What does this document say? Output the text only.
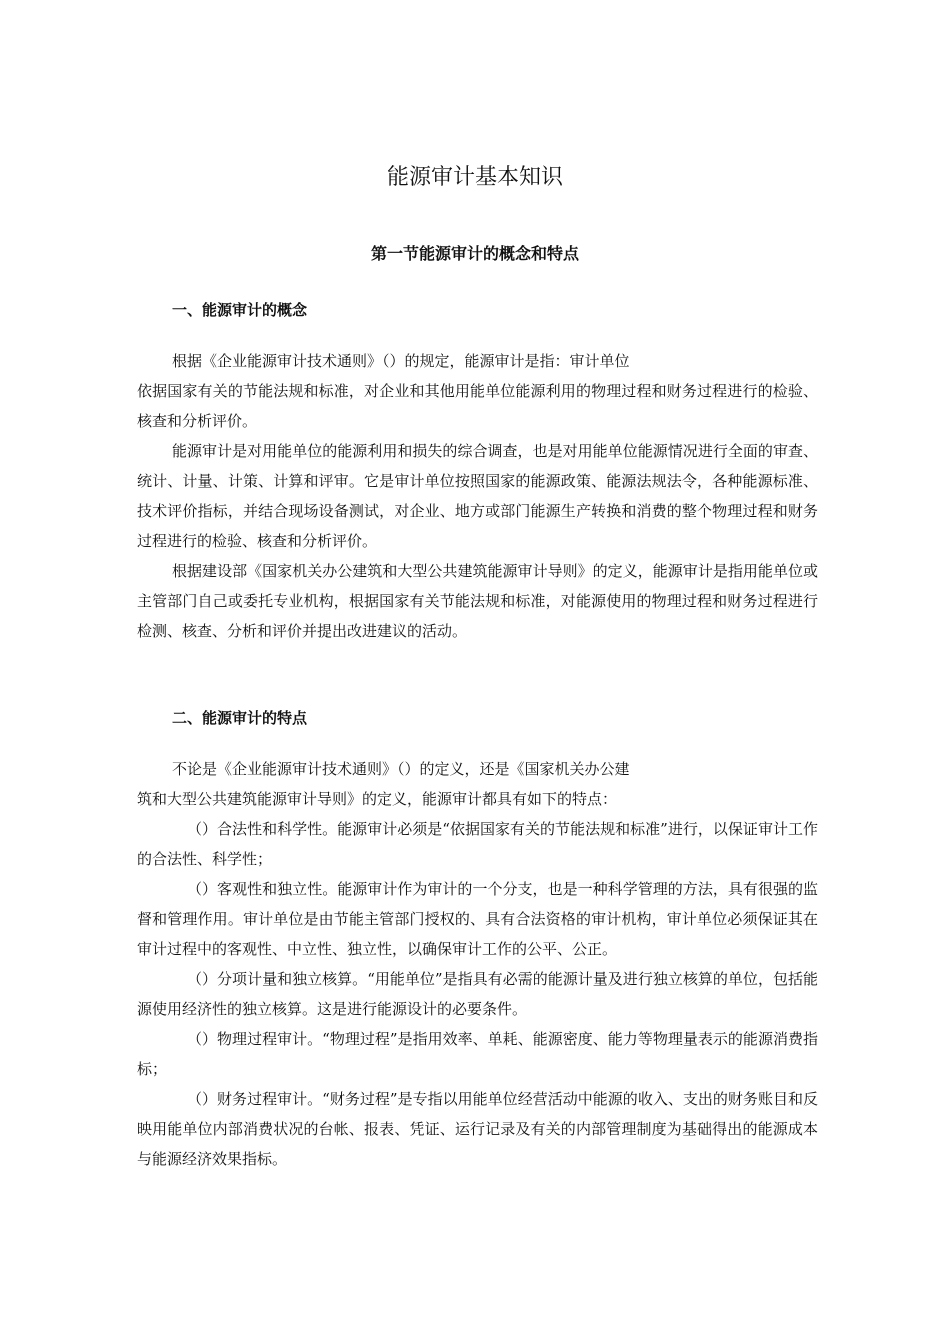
能源审计基本知识
第一节能源审计的概念和特点
一、能源审计的概念

根据《企业能源审计技术通则》（）的规定，能源审计是指：审计单位

依据国家有关的节能法规和标准，对企业和其他用能单位能源利用的物理过程和财务过程进行的检验、核查和分析评价。

能源审计是对用能单位的能源利用和损失的综合调查，也是对用能单位能源情况进行全面的审查、统计、计量、计策、计算和评审。它是审计单位按照国家的能源政策、能源法规法令，各种能源标准、技术评价指标，并结合现场设备测试，对企业、地方或部门能源生产转换和消费的整个物理过程和财务过程进行的检验、核查和分析评价。

根据建设部《国家机关办公建筑和大型公共建筑能源审计导则》的定义，能源审计是指用能单位或主管部门自己或委托专业机构，根据国家有关节能法规和标准，对能源使用的物理过程和财务过程进行检测、核查、分析和评价并提出改进建议的活动。

二、能源审计的特点

不论是《企业能源审计技术通则》（）的定义，还是《国家机关办公建

筑和大型公共建筑能源审计导则》的定义，能源审计都具有如下的特点：

（）合法性和科学性。能源审计必须是“依据国家有关的节能法规和标准”进行，以保证审计工作的合法性、科学性；

（）客观性和独立性。能源审计作为审计的一个分支，也是一种科学管理的方法，具有很强的监督和管理作用。审计单位是由节能主管部门授权的、具有合法资格的审计机构，审计单位必须保证其在审计过程中的客观性、中立性、独立性，以确保审计工作的公平、公正。

（）分项计量和独立核算。“用能单位”是指具有必需的能源计量及进行独立核算的单位，包括能源使用经济性的独立核算。这是进行能源设计的必要条件。

（）物理过程审计。“物理过程”是指用效率、单耗、能源密度、能力等物理量表示的能源消费指标；

（）财务过程审计。“财务过程”是专指以用能单位经营活动中能源的收入、支出的财务账目和反映用能单位内部消费状况的台帐、报表、凭证、运行记录及有关的内部管理制度为基础得出的能源成本与能源经济效果指标。
